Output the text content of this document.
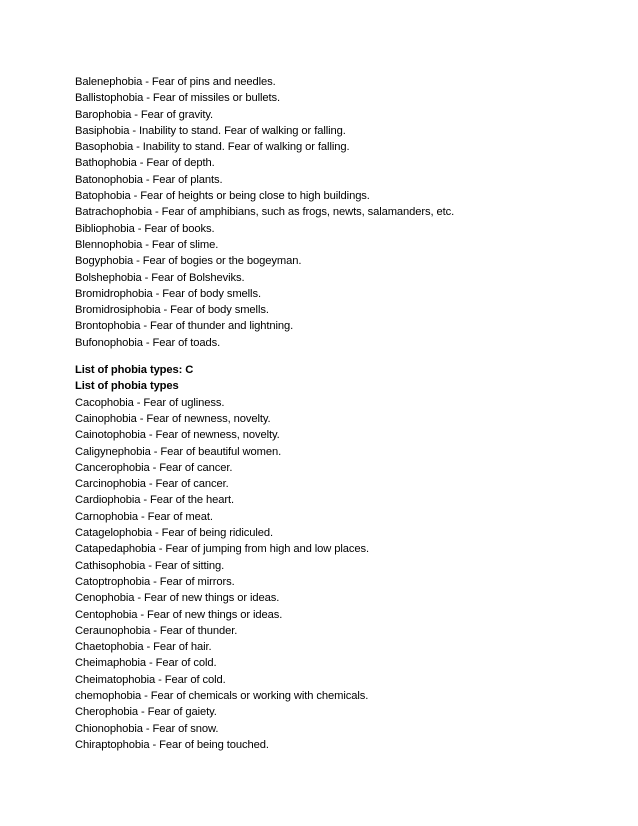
Balenephobia - Fear of pins and needles.
Ballistophobia - Fear of missiles or bullets.
Barophobia - Fear of gravity.
Basiphobia - Inability to stand. Fear of walking or falling.
Basophobia - Inability to stand. Fear of walking or falling.
Bathophobia - Fear of depth.
Batonophobia - Fear of plants.
Batophobia - Fear of heights or being close to high buildings.
Batrachophobia - Fear of amphibians, such as frogs, newts, salamanders, etc.
Bibliophobia - Fear of books.
Blennophobia - Fear of slime.
Bogyphobia - Fear of bogies or the bogeyman.
Bolshephobia - Fear of Bolsheviks.
Bromidrophobia - Fear of body smells.
Bromidrosiphobia - Fear of body smells.
Brontophobia - Fear of thunder and lightning.
Bufonophobia - Fear of toads.
List of phobia types: C
List of phobia types
Cacophobia - Fear of ugliness.
Cainophobia - Fear of newness, novelty.
Cainotophobia - Fear of newness, novelty.
Caligynephobia - Fear of beautiful women.
Cancerophobia - Fear of cancer.
Carcinophobia - Fear of cancer.
Cardiophobia - Fear of the heart.
Carnophobia - Fear of meat.
Catagelophobia - Fear of being ridiculed.
Catapedaphobia - Fear of jumping from high and low places.
Cathisophobia - Fear of sitting.
Catoptrophobia - Fear of mirrors.
Cenophobia - Fear of new things or ideas.
Centophobia - Fear of new things or ideas.
Ceraunophobia - Fear of thunder.
Chaetophobia - Fear of hair.
Cheimaphobia - Fear of cold.
Cheimatophobia - Fear of cold.
chemophobia - Fear of chemicals or working with chemicals.
Cherophobia - Fear of gaiety.
Chionophobia - Fear of snow.
Chiraptophobia - Fear of being touched.
